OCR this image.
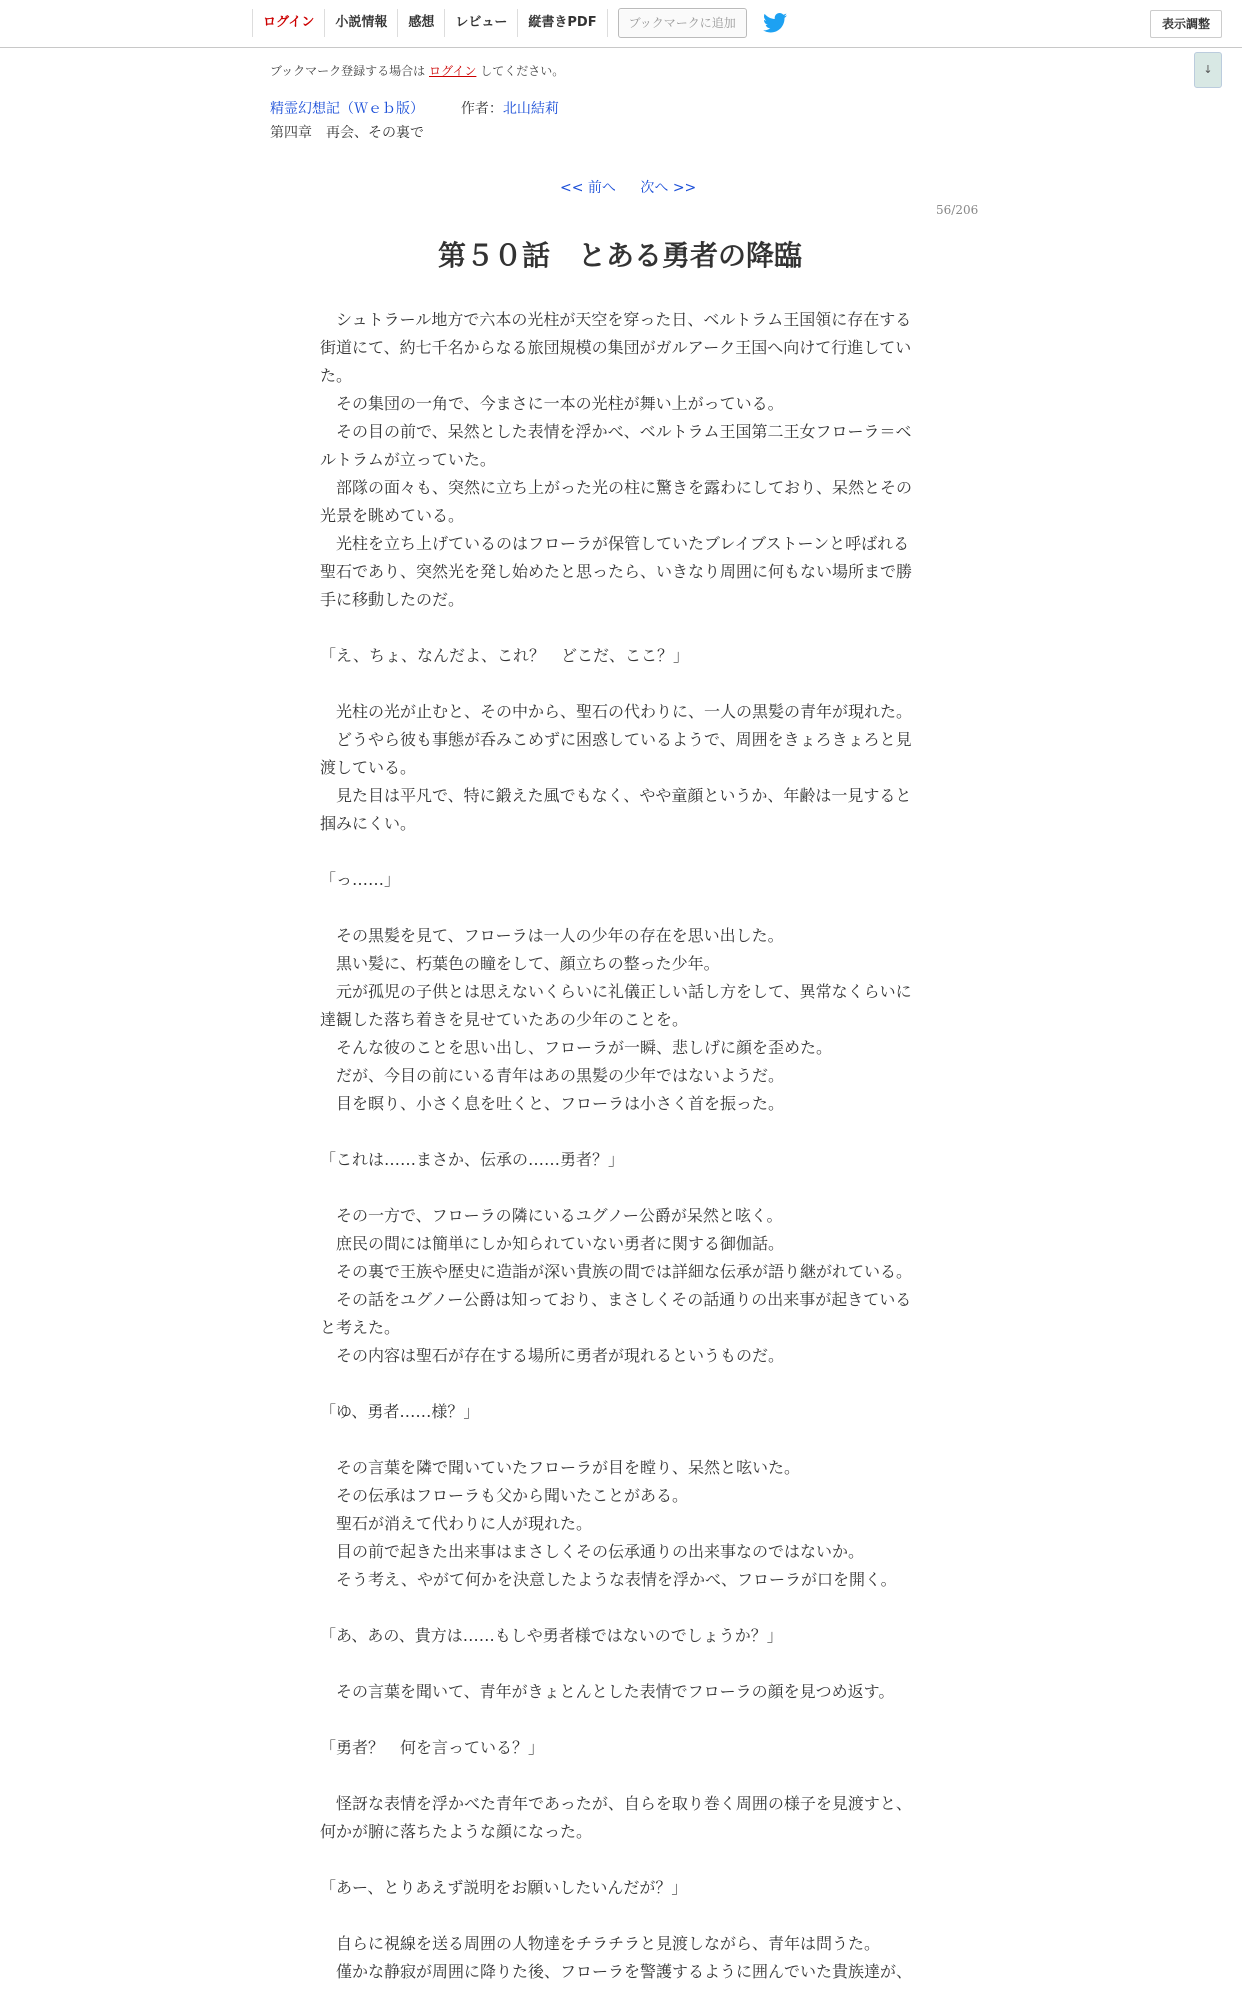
ログイン	小説情報	感想	レビュー	縦書きPDF	ブックマークに追加	表示調整
↓
ブックマーク登録する場合は ログイン してください。
精霊幻想記（Ｗｅｂ版）	作者：北山結莉
第四章　再会、その裏で
<< 前へ 次へ >>
56/206
第５０話　とある勇者の降臨

　シュトラール地方で六本の光柱が天空を穿った日、ベルトラム王国領に存在する街道にて、約七千名からなる旅団規模の集団がガルアーク王国へ向けて行進していた。

　その集団の一角で、今まさに一本の光柱が舞い上がっている。

　その目の前で、呆然とした表情を浮かべ、ベルトラム王国第二王女フローラ＝ベルトラムが立っていた。

　部隊の面々も、突然に立ち上がった光の柱に驚きを露わにしており、呆然とその光景を眺めている。

　光柱を立ち上げているのはフローラが保管していたブレイブストーンと呼ばれる聖石であり、突然光を発し始めたと思ったら、いきなり周囲に何もない場所まで勝手に移動したのだ。

「え、ちょ、なんだよ、これ？　どこだ、ここ？」

　光柱の光が止むと、その中から、聖石の代わりに、一人の黒髪の青年が現れた。

　どうやら彼も事態が呑みこめずに困惑しているようで、周囲をきょろきょろと見渡している。

　見た目は平凡で、特に鍛えた風でもなく、やや童顔というか、年齢は一見すると掴みにくい。

「っ……」

　その黒髪を見て、フローラは一人の少年の存在を思い出した。

　黒い髪に、朽葉色の瞳をして、顔立ちの整った少年。

　元が孤児の子供とは思えないくらいに礼儀正しい話し方をして、異常なくらいに達観した落ち着きを見せていたあの少年のことを。

　そんな彼のことを思い出し、フローラが一瞬、悲しげに顔を歪めた。

　だが、今目の前にいる青年はあの黒髪の少年ではないようだ。

　目を瞑り、小さく息を吐くと、フローラは小さく首を振った。

「これは……まさか、伝承の……勇者？」

　その一方で、フローラの隣にいるユグノー公爵が呆然と呟く。

　庶民の間には簡単にしか知られていない勇者に関する御伽話。

　その裏で王族や歴史に造詣が深い貴族の間では詳細な伝承が語り継がれている。

　その話をユグノー公爵は知っており、まさしくその話通りの出来事が起きていると考えた。

　その内容は聖石が存在する場所に勇者が現れるというものだ。

「ゆ、勇者……様？」

　その言葉を隣で聞いていたフローラが目を瞠り、呆然と呟いた。

　その伝承はフローラも父から聞いたことがある。

　聖石が消えて代わりに人が現れた。

　目の前で起きた出来事はまさしくその伝承通りの出来事なのではないか。

　そう考え、やがて何かを決意したような表情を浮かべ、フローラが口を開く。

「あ、あの、貴方は……もしや勇者様ではないのでしょうか？」

　その言葉を聞いて、青年がきょとんとした表情でフローラの顔を見つめ返す。

「勇者？　何を言っている？」

　怪訝な表情を浮かべた青年であったが、自らを取り巻く周囲の様子を見渡すと、何かが腑に落ちたような顔になった。

「あー、とりあえず説明をお願いしたいんだが？」

　自らに視線を送る周囲の人物達をチラチラと見渡しながら、青年は問うた。

　僅かな静寂が周囲に降りた後、フローラを警護するように囲んでいた貴族達が、
